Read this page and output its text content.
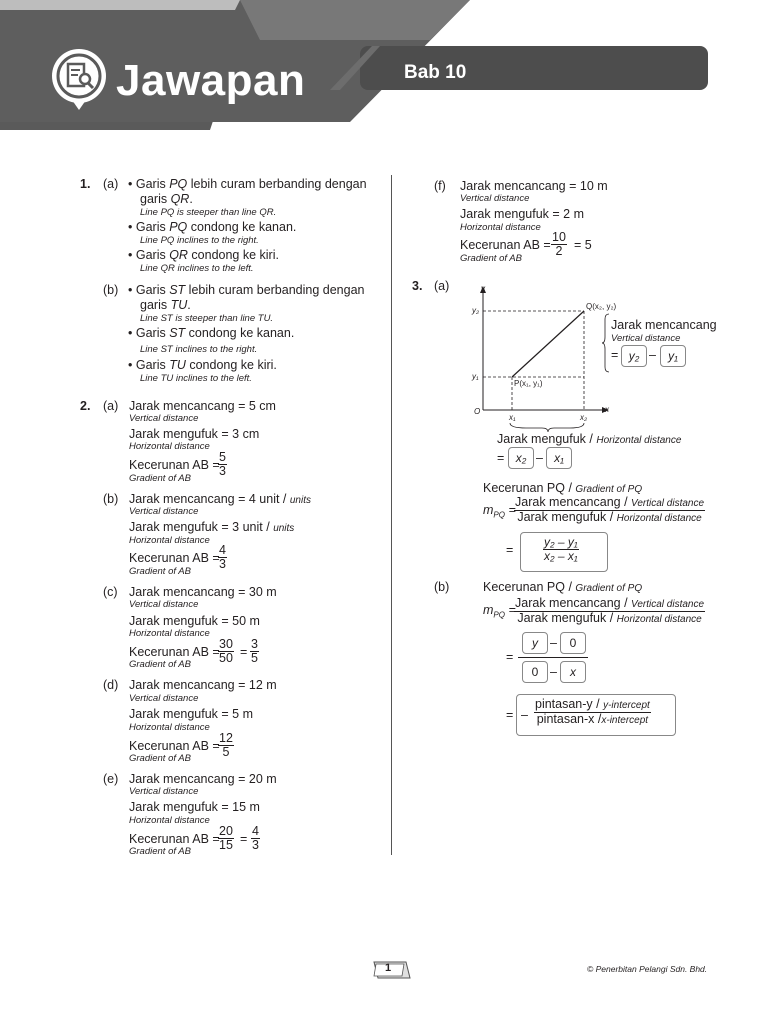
Jawapan	Bab 10
1. (a) • Garis PQ lebih curam berbanding dengan
garis QR.
Line PQ is steeper than line QR.
• Garis PQ condong ke kanan.
Line PQ inclines to the right.
• Garis QR condong ke kiri.
Line QR inclines to the left.
(b) • Garis ST lebih curam berbanding dengan
garis TU.
Line ST is steeper than line TU.
• Garis ST condong ke kanan.
Line ST inclines to the right.
• Garis TU condong ke kiri.
Line TU inclines to the left.
2. (a) Jarak mencancang = 5 cm
Vertical distance
Jarak mengufuk = 3 cm
Horizontal distance
Kecerunan AB =
$\frac{5}{3}$
Gradient of AB
(b) Jarak mencancang = 4 unit / units
Vertical distance
Jarak mengufuk = 3 unit / units
Horizontal distance
Kecerunan AB =
$\frac{4}{3}$
Gradient of AB
(c) Jarak mencancang = 30 m
Vertical distance
Jarak mengufuk = 50 m
Horizontal distance
Kecerunan AB =
$\frac{30}{50} = \frac{3}{5}$
Gradient of AB
(d) Jarak mencancang = 12 m
Vertical distance
Jarak mengufuk = 5 m
Horizontal distance
Kecerunan AB =
$\frac{12}{5}$
Gradient of AB
(e) Jarak mencancang = 20 m
Vertical distance
Jarak mengufuk = 15 m
Horizontal distance
Kecerunan AB =
$\frac{20}{15} = \frac{4}{3}$
Gradient of AB
(f) Jarak mencancang = 10 m
Vertical distance
Jarak mengufuk = 2 m
Horizontal distance
Kecerunan AB = $\frac{10}{2} = 5$
Gradient of AB
3. (a)	y
x
O
y₂
y₁
x₁	x₂
Q(x₂, y₂)
P(x₁, y₁)
Jarak mencancang
Vertical distance
= y₂ –	y₁
Jarak mengufuk / Horizontal distance
= x₂ – x₁
Kecerunan PQ / Gradient of PQ
$m_{PQ}$ =
Jarak mencancang / Vertical distance
Jarak mengufuk / Horizontal distance
= $\frac{\text{y₂ – y₁}}{\text{x₂ – x₁}}$
(b)	Kecerunan PQ / Gradient of PQ
$m_{PQ}$ = Jarak mencancang / Vertical distance
Jarak mengufuk / Horizontal distance
=
y –	0
0 –	x
= –
pintasan-y / y-intercept
pintasan-x /x-intercept
1	© Penerbitan Pelangi Sdn. Bhd.
